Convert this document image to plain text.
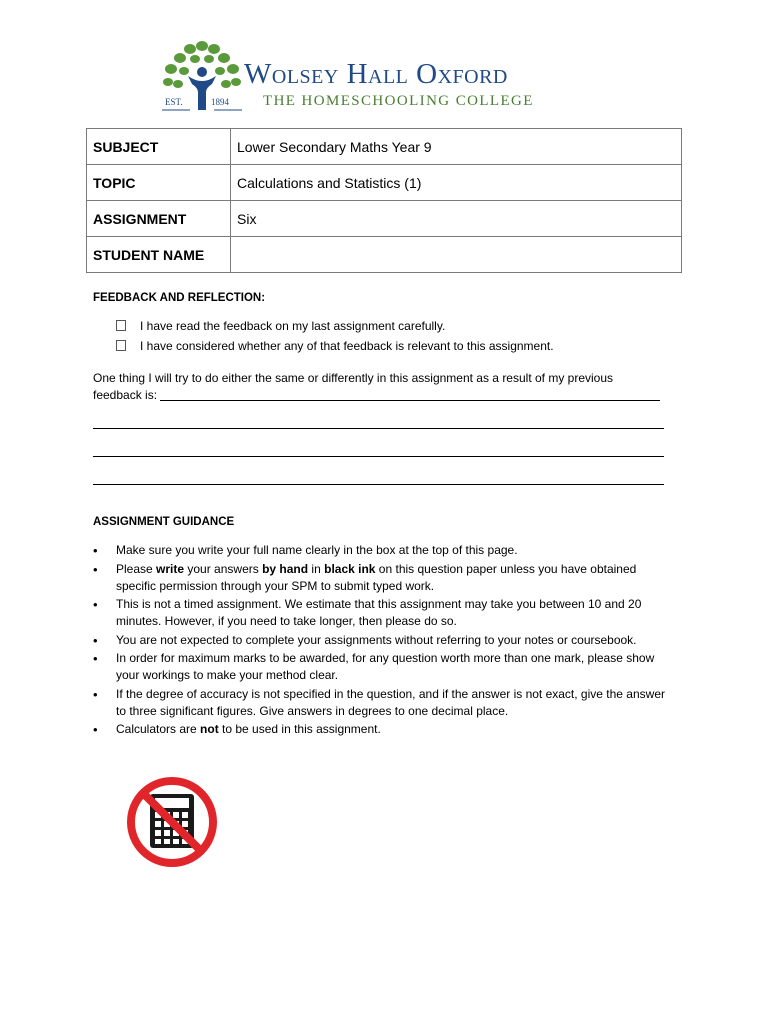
EST.	1894
Wolsey Hall Oxford
THE HOMESCHOOLING COLLEGE
SUBJECT	Lower Secondary Maths Year 9
TOPIC	Calculations and Statistics (1)
ASSIGNMENT	Six
STUDENT NAME	
FEEDBACK AND REFLECTION:
I have read the feedback on my last assignment carefully.
I have considered whether any of that feedback is relevant to this assignment.
One thing I will try to do either the same or differently in this assignment as a result of my previous
feedback is:
ASSIGNMENT GUIDANCE
• Make sure you write your full name clearly in the box at the top of this page.
• Please write your answers by hand in black ink on this question paper unless you have obtained specific permission through your SPM to submit typed work.
• This is not a timed assignment. We estimate that this assignment may take you between 10 and 20 minutes. However, if you need to take longer, then please do so.
• You are not expected to complete your assignments without referring to your notes or coursebook.
• In order for maximum marks to be awarded, for any question worth more than one mark, please show your workings to make your method clear.
• If the degree of accuracy is not specified in the question, and if the answer is not exact, give the answer to three significant figures. Give answers in degrees to one decimal place.
• Calculators are not to be used in this assignment.
